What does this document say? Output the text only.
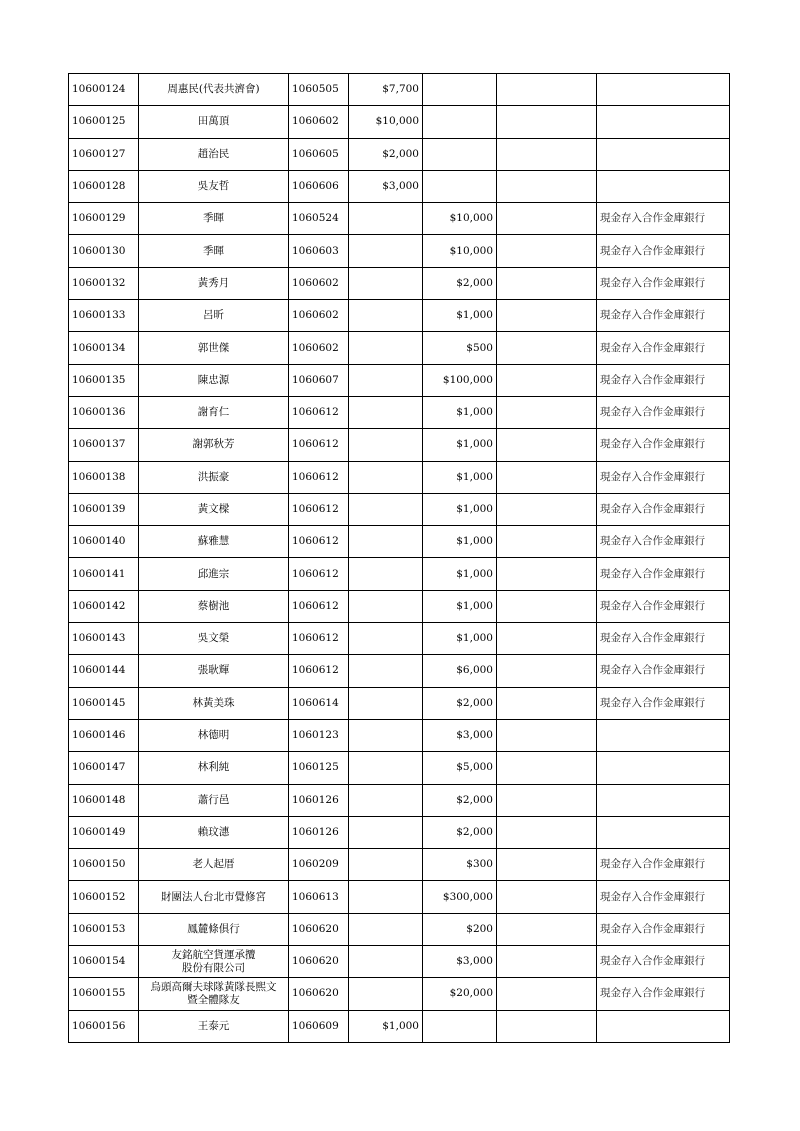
10600124	周惠民(代表共濟會)	1060505	$7,700			
10600125	田萬頂	1060602	$10,000			
10600127	趙治民	1060605	$2,000			
10600128	吳友哲	1060606	$3,000			
10600129	季暉	1060524		$10,000		現金存入合作金庫銀行
10600130	季暉	1060603		$10,000		現金存入合作金庫銀行
10600132	黃秀月	1060602		$2,000		現金存入合作金庫銀行
10600133	呂昕	1060602		$1,000		現金存入合作金庫銀行
10600134	郭世傑	1060602		$500		現金存入合作金庫銀行
10600135	陳忠源	1060607		$100,000		現金存入合作金庫銀行
10600136	謝育仁	1060612		$1,000		現金存入合作金庫銀行
10600137	謝郭秋芳	1060612		$1,000		現金存入合作金庫銀行
10600138	洪振豪	1060612		$1,000		現金存入合作金庫銀行
10600139	黃文樑	1060612		$1,000		現金存入合作金庫銀行
10600140	蘇雅慧	1060612		$1,000		現金存入合作金庫銀行
10600141	邱進宗	1060612		$1,000		現金存入合作金庫銀行
10600142	蔡樹池	1060612		$1,000		現金存入合作金庫銀行
10600143	吳文榮	1060612		$1,000		現金存入合作金庫銀行
10600144	張耿輝	1060612		$6,000		現金存入合作金庫銀行
10600145	林黃美珠	1060614		$2,000		現金存入合作金庫銀行
10600146	林德明	1060123		$3,000		
10600147	林利純	1060125		$5,000		
10600148	蕭行邑	1060126		$2,000		
10600149	賴玟潓	1060126		$2,000		
10600150	老人起厝	1060209		$300		現金存入合作金庫銀行
10600152	財團法人台北市覺修宮	1060613		$300,000		現金存入合作金庫銀行
10600153	鳳麓條俱行	1060620		$200		現金存入合作金庫銀行
10600154	友銘航空貨運承攬
股份有限公司	1060620		$3,000		現金存入合作金庫銀行
10600155	烏頭高爾夫球隊黃隊長熙文
暨全體隊友	1060620		$20,000		現金存入合作金庫銀行
10600156	王泰元	1060609	$1,000			
